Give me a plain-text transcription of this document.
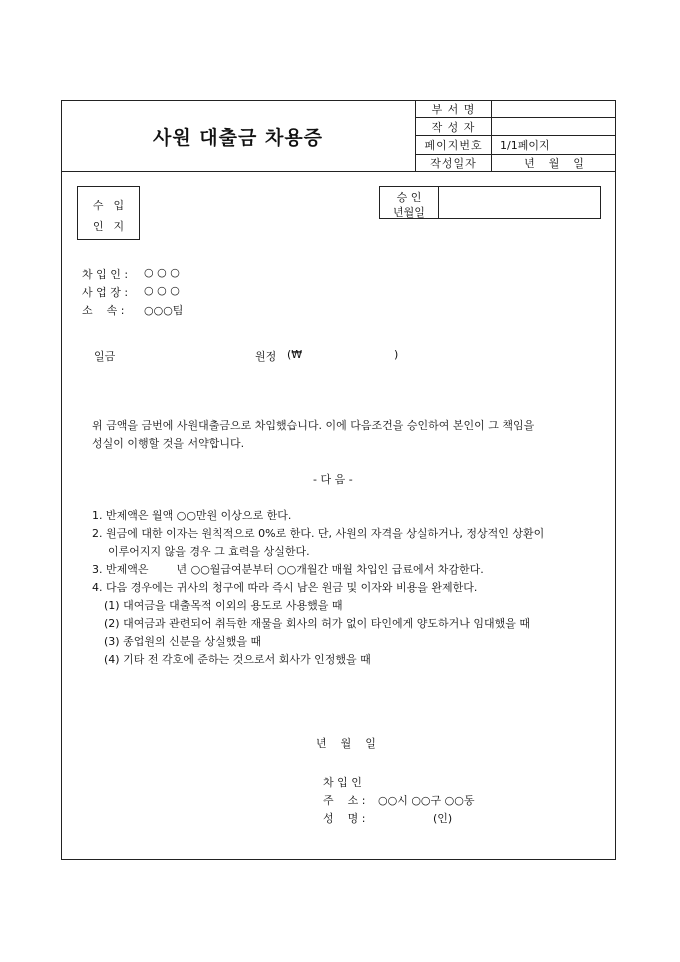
사원 대출금 차용증
부 서 명	
작 성 자	
페이지번호	1/1페이지
작성일자	년    월    일
수입
인지
승 인
년월일
차 입 인 : ○ ○ ○
사 업 장 : ○ ○ ○
소    속 : ○○○팀
일금	원정 (₩	)
위 금액을 금번에 사원대출금으로 차입했습니다. 이에 다음조건을 승인하여 본인이 그 책임을
성실이 이행할 것을 서약합니다.
- 다 음 -
1. 반제액은 월액 ○○만원 이상으로 한다.
2. 원금에 대한 이자는 원칙적으로 0%로 한다. 단, 사원의 자격을 상실하거나, 정상적인 상환이
이루어지지 않을 경우 그 효력을 상실한다.
3. 반제액은        년 ○○월급여분부터 ○○개월간 매월 차입인 급료에서 차감한다.
4. 다음 경우에는 귀사의 청구에 따라 즉시 남은 원금 및 이자와 비용을 완제한다.
(1) 대여금을 대출목적 이외의 용도로 사용했을 때
(2) 대여금과 관련되어 취득한 재물을 회사의 허가 없이 타인에게 양도하거나 임대했을 때
(3) 종업원의 신분을 상실했을 때
(4) 기타 전 각호에 준하는 것으로서 회사가 인정했을 때
년    월    일
차 입 인
주    소 : ○○시 ○○구 ○○동
성    명 :	(인)
